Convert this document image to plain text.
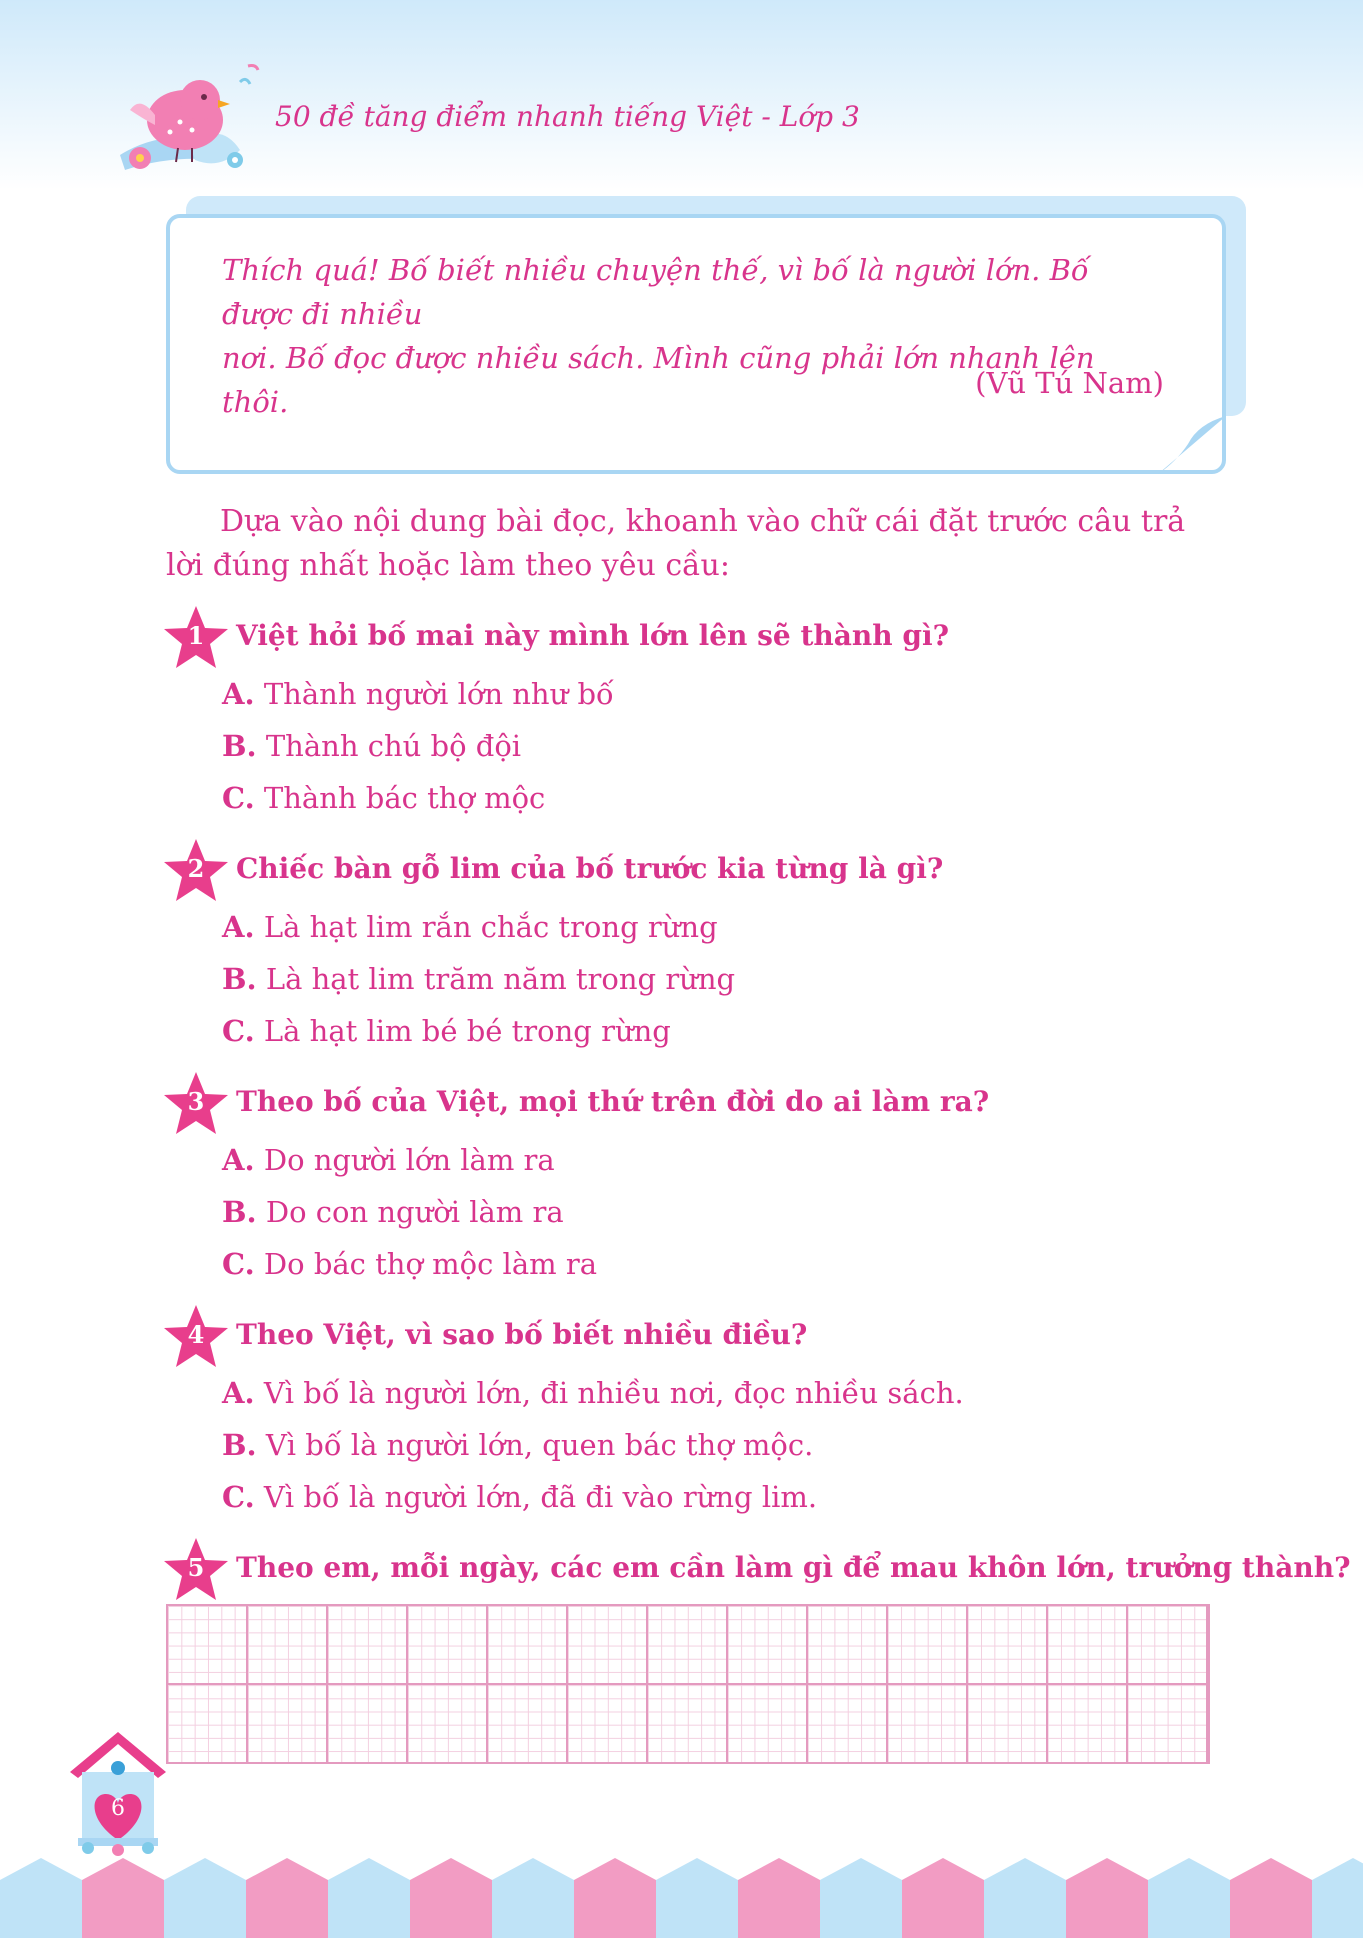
50 đề tăng điểm nhanh tiếng Việt - Lớp 3

Thích quá! Bố biết nhiều chuyện thế, vì bố là người lớn. Bố được đi nhiều

nơi. Bố đọc được nhiều sách. Mình cũng phải lớn nhanh lên thôi.

(Vũ Tú Nam)

Dựa vào nội dung bài đọc, khoanh vào chữ cái đặt trước câu trả lời đúng nhất hoặc làm theo yêu cầu:

1	Việt hỏi bố mai này mình lớn lên sẽ thành gì?
A. Thành người lớn như bố
B. Thành chú bộ đội
C. Thành bác thợ mộc
2	Chiếc bàn gỗ lim của bố trước kia từng là gì?
A. Là hạt lim rắn chắc trong rừng
B. Là hạt lim trăm năm trong rừng
C. Là hạt lim bé bé trong rừng
3	Theo bố của Việt, mọi thứ trên đời do ai làm ra?
A. Do người lớn làm ra
B. Do con người làm ra
C. Do bác thợ mộc làm ra
4	Theo Việt, vì sao bố biết nhiều điều?
A. Vì bố là người lớn, đi nhiều nơi, đọc nhiều sách.
B. Vì bố là người lớn, quen bác thợ mộc.
C. Vì bố là người lớn, đã đi vào rừng lim.
5	Theo em, mỗi ngày, các em cần làm gì để mau khôn lớn, trưởng thành?
6
